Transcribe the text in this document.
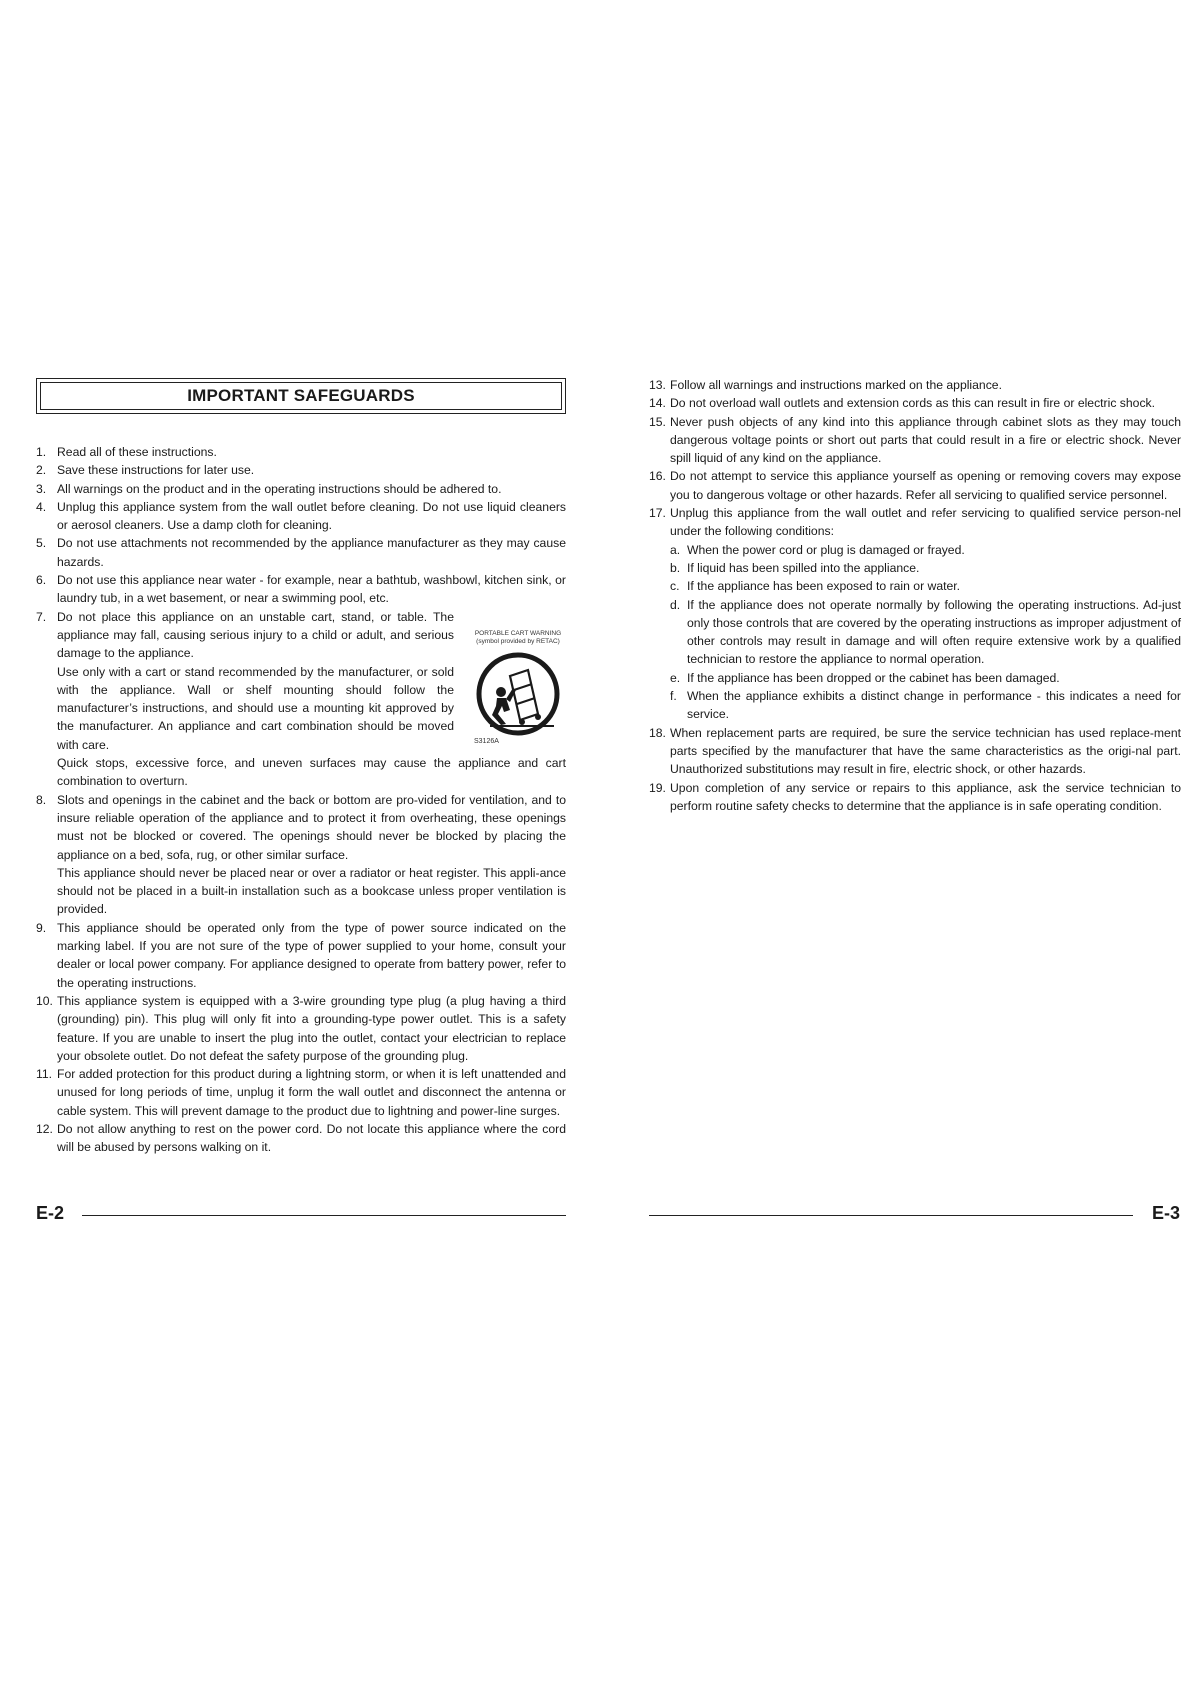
IMPORTANT SAFEGUARDS
1. Read all of these instructions.

2. Save these instructions for later use.

3. All warnings on the product and in the operating instructions should be adhered to.

4. Unplug this appliance system from the wall outlet before cleaning. Do not use liquid cleaners or aerosol cleaners. Use a damp cloth for cleaning.

5. Do not use attachments not recommended by the appliance manufacturer as they may cause hazards.

6. Do not use this appliance near water - for example, near a bathtub, washbowl, kitchen sink, or laundry tub, in a wet basement, or near a swimming pool, etc.

7. Do not place this appliance on an unstable cart, stand, or table. The appliance may fall, causing serious injury to a child or adult, and serious damage to the appliance.

Use only with a cart or stand recommended by the manufacturer, or sold with the appliance. Wall or shelf mounting should follow the manufacturer’s instructions, and should use a mounting kit approved by the manufacturer. An appliance and cart combination should be moved with care.

PORTABLE CART WARNING
(symbol provided by RETAC)
S3126A

Quick stops, excessive force, and uneven surfaces may cause the appliance and cart combination to overturn.

8. Slots and openings in the cabinet and the back or bottom are pro-vided for ventilation, and to insure reliable operation of the appliance and to protect it from overheating, these openings must not be blocked or covered. The openings should never be blocked by placing the appliance on a bed, sofa, rug, or other similar surface.

This appliance should never be placed near or over a radiator or heat register. This appli-ance should not be placed in a built-in installation such as a bookcase unless proper ventilation is provided.

9. This appliance should be operated only from the type of power source indicated on the marking label. If you are not sure of the type of power supplied to your home, consult your dealer or local power company. For appliance designed to operate from battery power, refer to the operating instructions.

10. This appliance system is equipped with a 3-wire grounding type plug (a plug having a third (grounding) pin). This plug will only fit into a grounding-type power outlet. This is a safety feature. If you are unable to insert the plug into the outlet, contact your electrician to replace your obsolete outlet. Do not defeat the safety purpose of the grounding plug.

11. For added protection for this product during a lightning storm, or when it is left unattended and unused for long periods of time, unplug it form the wall outlet and disconnect the antenna or cable system. This will prevent damage to the product due to lightning and power-line surges.

12. Do not allow anything to rest on the power cord. Do not locate this appliance where the cord will be abused by persons walking on it.

E-2
13. Follow all warnings and instructions marked on the appliance.

14. Do not overload wall outlets and extension cords as this can result in fire or electric shock.

15. Never push objects of any kind into this appliance through cabinet slots as they may touch dangerous voltage points or short out parts that could result in a fire or electric shock. Never spill liquid of any kind on the appliance.

16. Do not attempt to service this appliance yourself as opening or removing covers may expose you to dangerous voltage or other hazards. Refer all servicing to qualified service personnel.

17. Unplug this appliance from the wall outlet and refer servicing to qualified service person-nel under the following conditions:

a. When the power cord or plug is damaged or frayed.

b. If liquid has been spilled into the appliance.

c. If the appliance has been exposed to rain or water.

d. If the appliance does not operate normally by following the operating instructions. Ad-just only those controls that are covered by the operating instructions as improper adjustment of other controls may result in damage and will often require extensive work by a qualified technician to restore the appliance to normal operation.

e. If the appliance has been dropped or the cabinet has been damaged.

f. When the appliance exhibits a distinct change in performance - this indicates a need for service.

18. When replacement parts are required, be sure the service technician has used replace-ment parts specified by the manufacturer that have the same characteristics as the origi-nal part. Unauthorized substitutions may result in fire, electric shock, or other hazards.

19. Upon completion of any service or repairs to this appliance, ask the service technician to perform routine safety checks to determine that the appliance is in safe operating condition.

E-3
